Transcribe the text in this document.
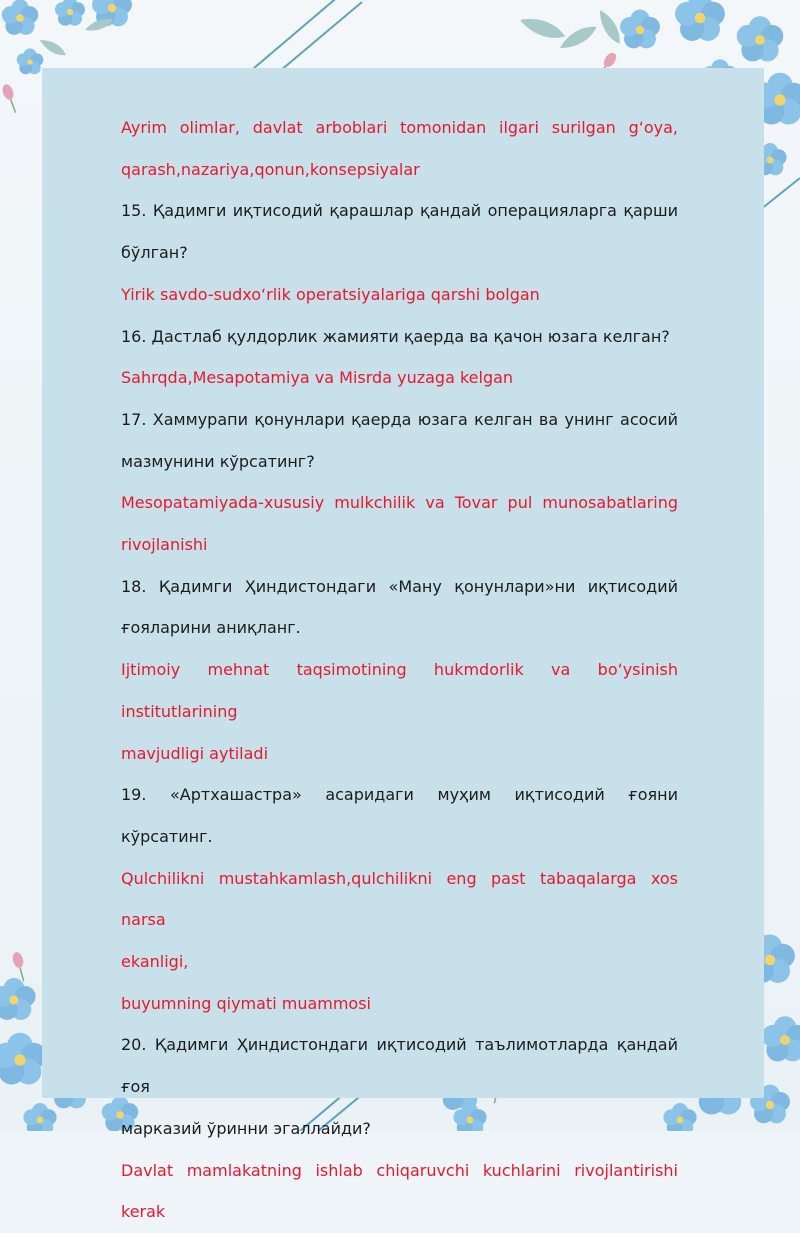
Ayrim olimlar, davlat arboblari tomonidan ilgari surilgan g‘oya,

qarash,nazariya,qonun,konsepsiyalar

15. Қадимги иқтисодий қарашлар қандай операцияларга қарши

бўлган?

Yirik savdo-sudxo‘rlik operatsiyalariga qarshi bolgan

16. Дастлаб қулдорлик жамияти қаерда ва қачон юзага келган?

Sahrqda,Mesapotamiya va Misrda yuzaga kelgan

17. Хаммурапи қонунлари қаерда юзага келган ва унинг асосий

мазмунини кўрсатинг?

Mesopatamiyada-xususiy mulkchilik va Tovar pul munosabatlaring

rivojlanishi

18. Қадимги Ҳиндистондаги «Ману қонунлари»ни иқтисодий

ғояларини аниқланг.

Ijtimoiy mehnat taqsimotining hukmdorlik va bo‘ysinish institutlarining

mavjudligi aytiladi

19. «Артхашастра» асаридаги муҳим иқтисодий ғояни кўрсатинг.

Qulchilikni mustahkamlash,qulchilikni eng past tabaqalarga xos narsa

ekanligi,

buyumning qiymati muammosi

20. Қадимги Ҳиндистондаги иқтисодий таълимотларда қандай ғоя

марказий ўринни эгаллайди?

Davlat mamlakatning ishlab chiqaruvchi kuchlarini rivojlantirishi kerak
